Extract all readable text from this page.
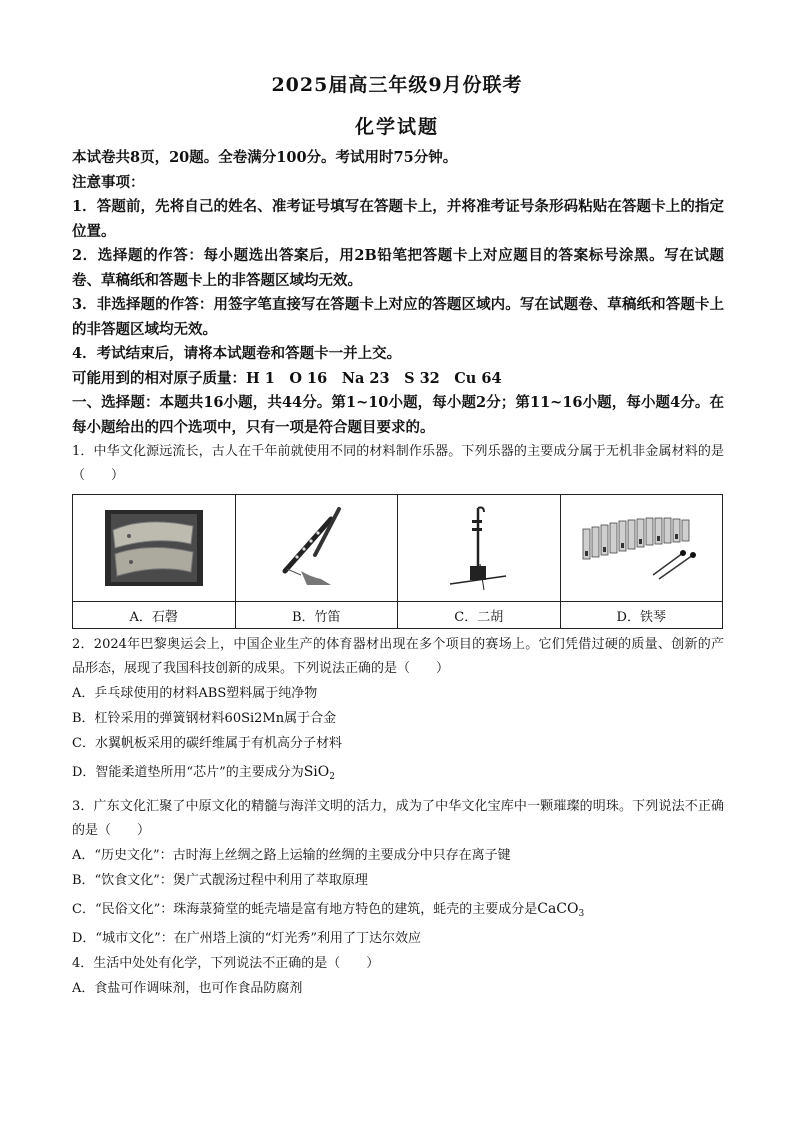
2025届高三年级9月份联考
化学试题
本试卷共8页，20题。全卷满分100分。考试用时75分钟。
注意事项：
1．答题前，先将自己的姓名、准考证号填写在答题卡上，并将准考证号条形码粘贴在答题卡上的指定位置。
2．选择题的作答：每小题选出答案后，用2B铅笔把答题卡上对应题目的答案标号涂黑。写在试题卷、草稿纸和答题卡上的非答题区域均无效。
3．非选择题的作答：用签字笔直接写在答题卡上对应的答题区域内。写在试题卷、草稿纸和答题卡上的非答题区域均无效。
4．考试结束后，请将本试题卷和答题卡一并上交。
可能用到的相对原子质量：H 1　O 16　Na 23　S 32　Cu 64
一、选择题：本题共16小题，共44分。第1~10小题，每小题2分；第11~16小题，每小题4分。在每小题给出的四个选项中，只有一项是符合题目要求的。
1．中华文化源远流长，古人在千年前就使用不同的材料制作乐器。下列乐器的主要成分属于无机非金属材料的是（　　）

A．石磬	B．竹笛	C．二胡	D．铁琴
2．2024年巴黎奥运会上，中国企业生产的体育器材出现在多个项目的赛场上。它们凭借过硬的质量、创新的产品形态，展现了我国科技创新的成果。下列说法正确的是（　　）
A．乒乓球使用的材料ABS塑料属于纯净物
B．杠铃采用的弹簧钢材料60Si2Mn属于合金
C．水翼帆板采用的碳纤维属于有机高分子材料
D．智能柔道垫所用“芯片”的主要成分为SiO$_2$
3．广东文化汇聚了中原文化的精髓与海洋文明的活力，成为了中华文化宝库中一颗璀璨的明珠。下列说法不正确的是（　　）
A．“历史文化”：古时海上丝绸之路上运输的丝绸的主要成分中只存在离子键
B．“饮食文化”：煲广式靓汤过程中利用了萃取原理
C．“民俗文化”：珠海菉猗堂的蚝壳墙是富有地方特色的建筑，蚝壳的主要成分是CaCO$_3$
D．“城市文化”：在广州塔上演的“灯光秀”利用了丁达尔效应
4．生活中处处有化学，下列说法不正确的是（　　）
A．食盐可作调味剂，也可作食品防腐剂
